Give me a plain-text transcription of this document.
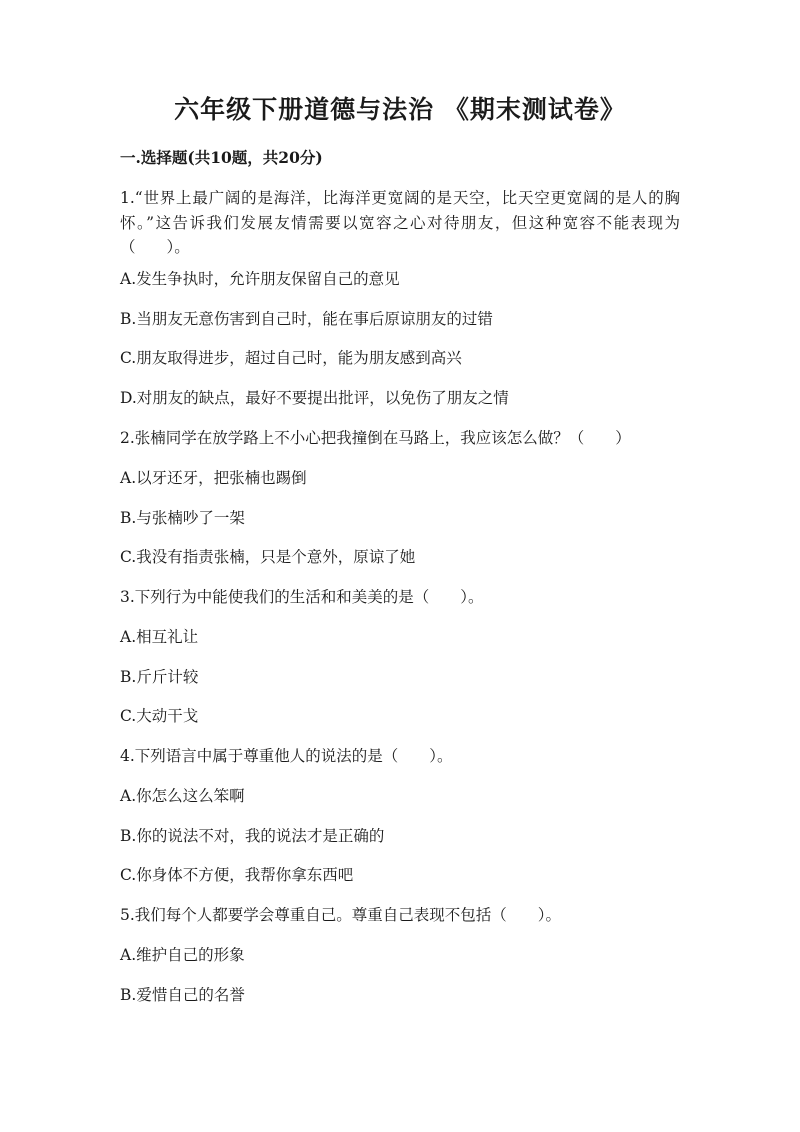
六年级下册道德与法治 《期末测试卷》
一.选择题(共10题，共20分)
1.“世界上最广阔的是海洋，比海洋更宽阔的是天空，比天空更宽阔的是人的胸怀。”这告诉我们发展友情需要以宽容之心对待朋友，但这种宽容不能表现为（　　）。
A.发生争执时，允许朋友保留自己的意见
B.当朋友无意伤害到自己时，能在事后原谅朋友的过错
C.朋友取得进步，超过自己时，能为朋友感到高兴
D.对朋友的缺点，最好不要提出批评，以免伤了朋友之情
2.张楠同学在放学路上不小心把我撞倒在马路上，我应该怎么做？（　　）
A.以牙还牙，把张楠也踢倒
B.与张楠吵了一架
C.我没有指责张楠，只是个意外，原谅了她
3.下列行为中能使我们的生活和和美美的是（　　）。
A.相互礼让
B.斤斤计较
C.大动干戈
4.下列语言中属于尊重他人的说法的是（　　）。
A.你怎么这么笨啊
B.你的说法不对，我的说法才是正确的
C.你身体不方便，我帮你拿东西吧
5.我们每个人都要学会尊重自己。尊重自己表现不包括（　　）。
A.维护自己的形象
B.爱惜自己的名誉
